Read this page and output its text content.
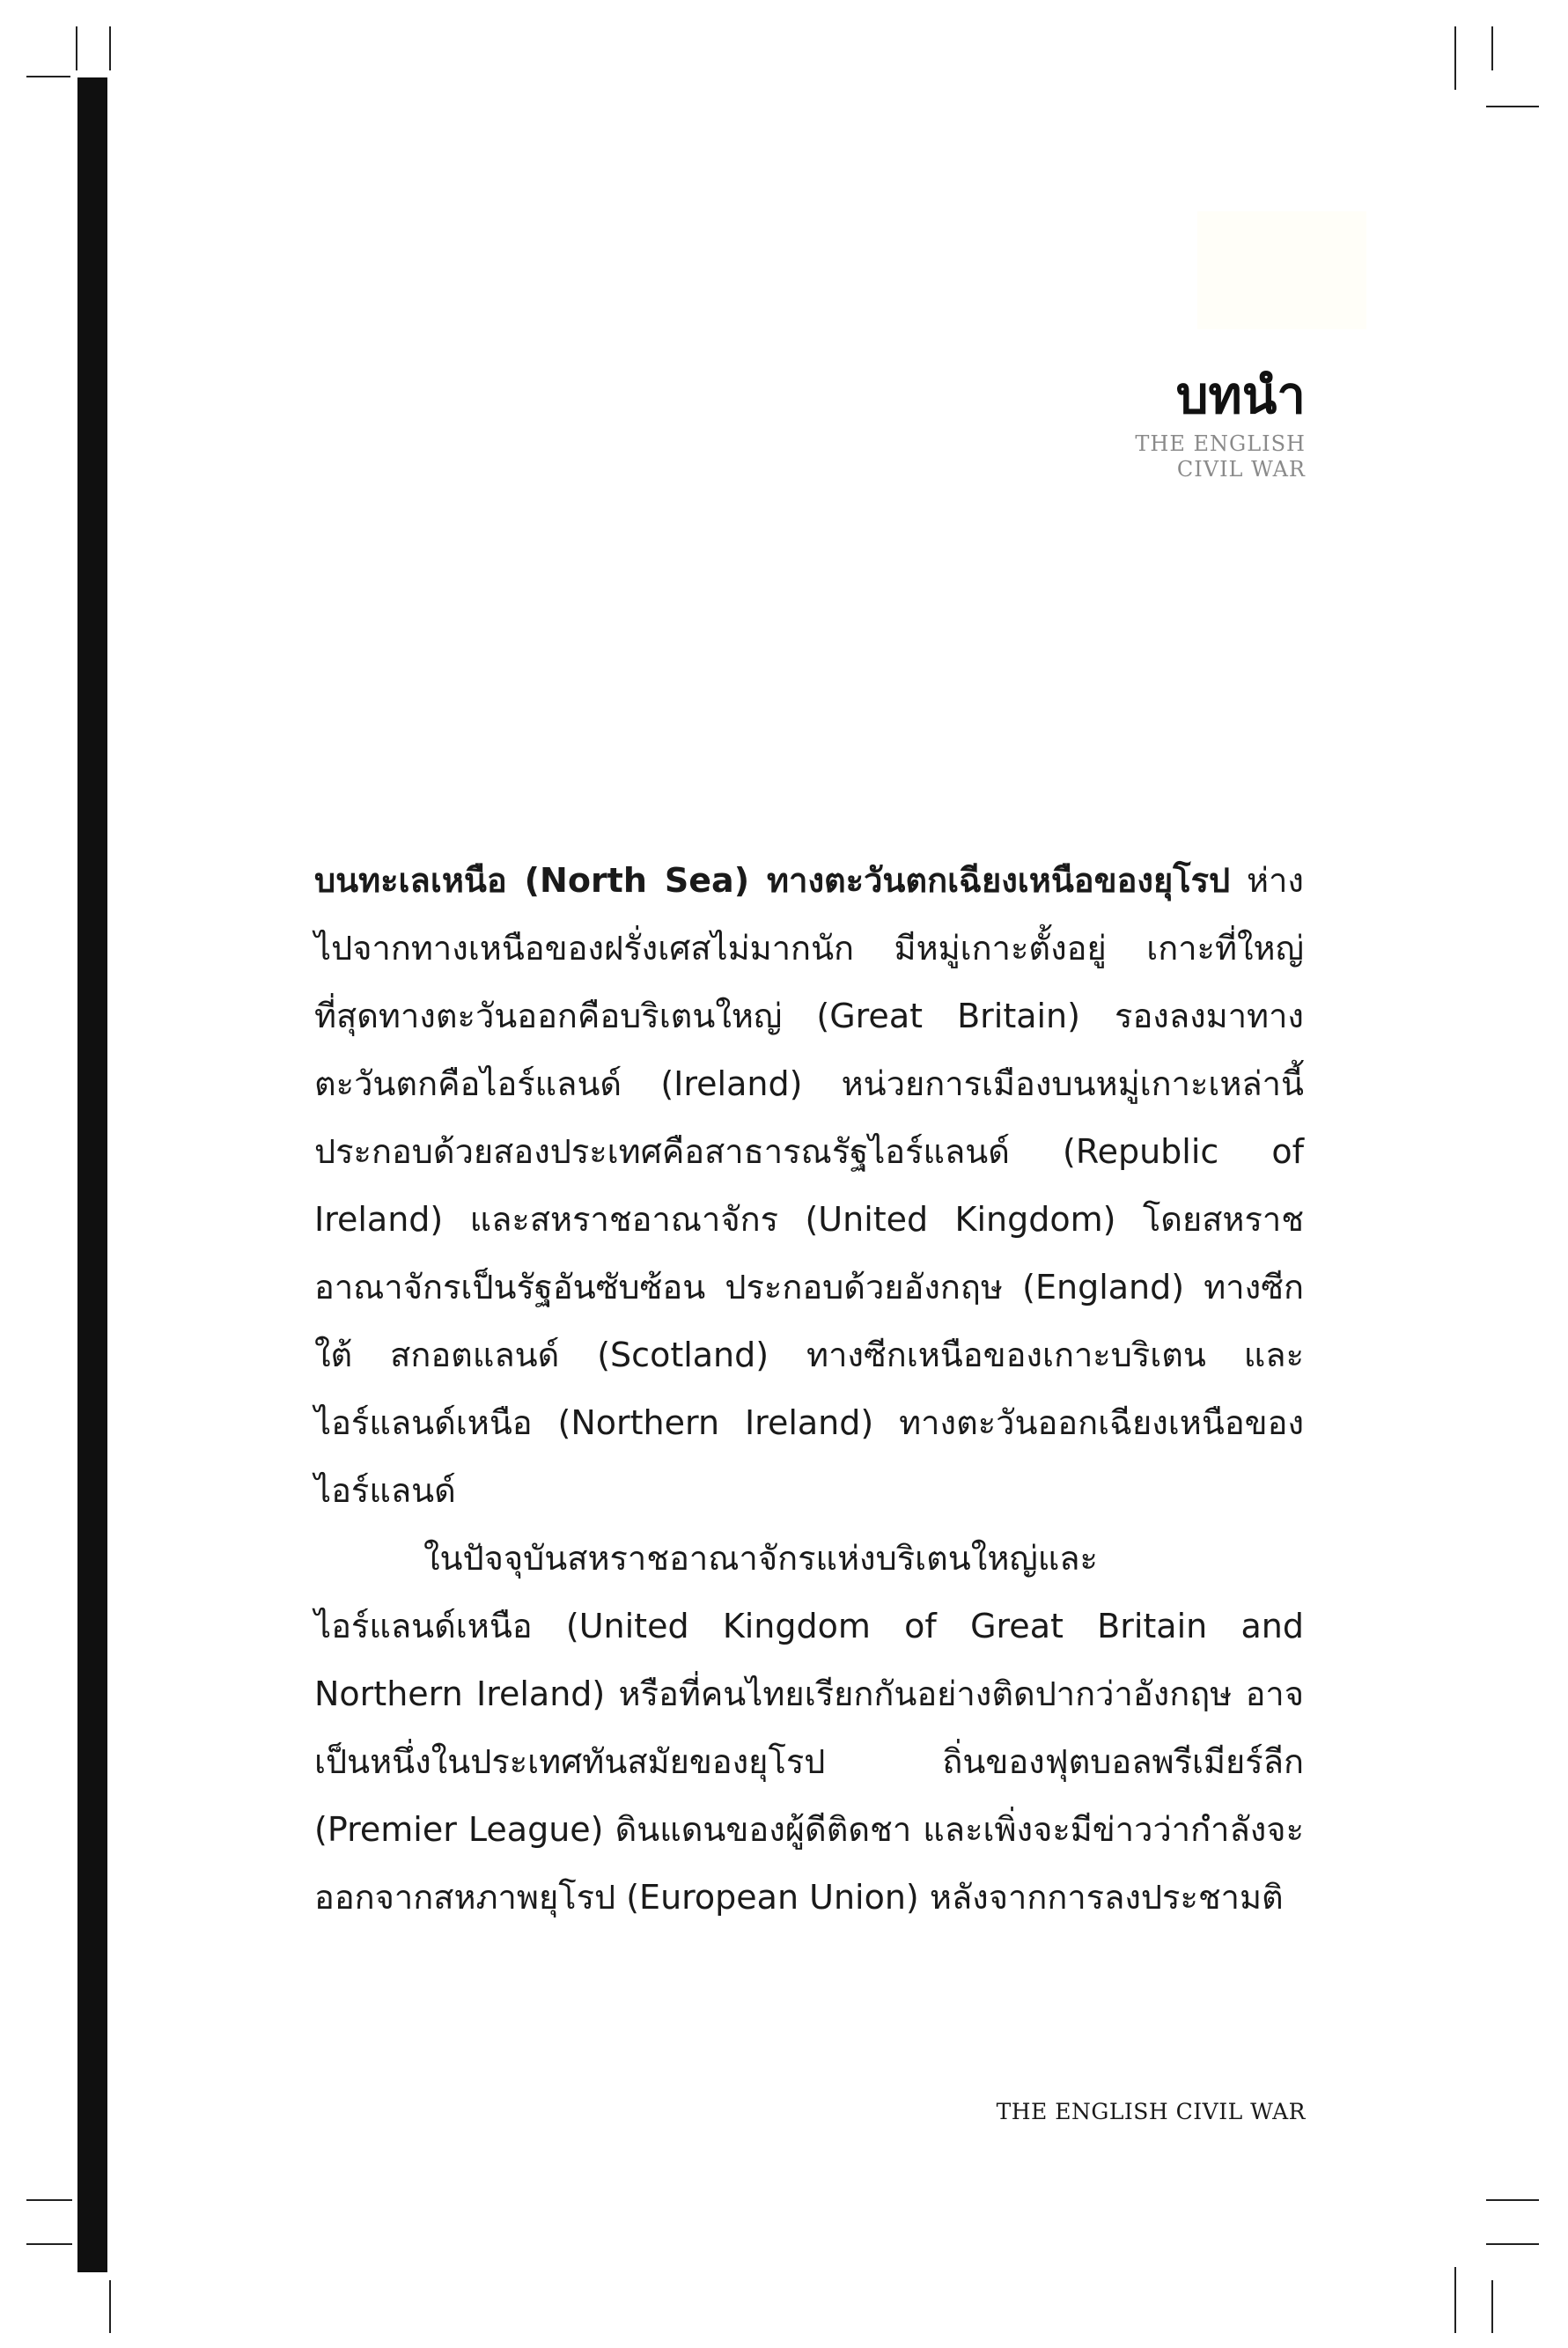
บทนำ
THE ENGLISH
CIVIL WAR

บนทะเลเหนือ (North Sea) ทางตะวันตกเฉียงเหนือของยุโรป ห่างไปจากทางเหนือของฝรั่งเศสไม่มากนัก มีหมู่เกาะตั้งอยู่ เกาะที่ใหญ่ที่สุดทางตะวันออกคือบริเตนใหญ่ (Great Britain) รองลงมาทางตะวันตกคือไอร์แลนด์ (Ireland) หน่วยการเมืองบนหมู่เกาะเหล่านี้ประกอบด้วยสองประเทศคือสาธารณรัฐไอร์แลนด์ (Republic of Ireland) และสหราชอาณาจักร (United Kingdom) โดยสหราชอาณาจักรเป็นรัฐอันซับซ้อน ประกอบด้วยอังกฤษ (England) ทางซีกใต้ สกอตแลนด์ (Scotland) ทางซีกเหนือของเกาะบริเตน และไอร์แลนด์เหนือ (Northern Ireland) ทางตะวันออกเฉียงเหนือของไอร์แลนด์

ในปัจจุบันสหราชอาณาจักรแห่งบริเตนใหญ่และไอร์แลนด์เหนือ (United Kingdom of Great Britain and Northern Ireland) หรือที่คนไทยเรียกกันอย่างติดปากว่าอังกฤษ อาจเป็นหนึ่งในประเทศทันสมัยของยุโรป ถิ่นของฟุตบอลพรีเมียร์ลีก (Premier League) ดินแดนของผู้ดีติดชา และเพิ่งจะมีข่าวว่ากำลังจะออกจากสหภาพยุโรป (European Union) หลังจากการลงประชามติ

THE ENGLISH CIVIL WAR
